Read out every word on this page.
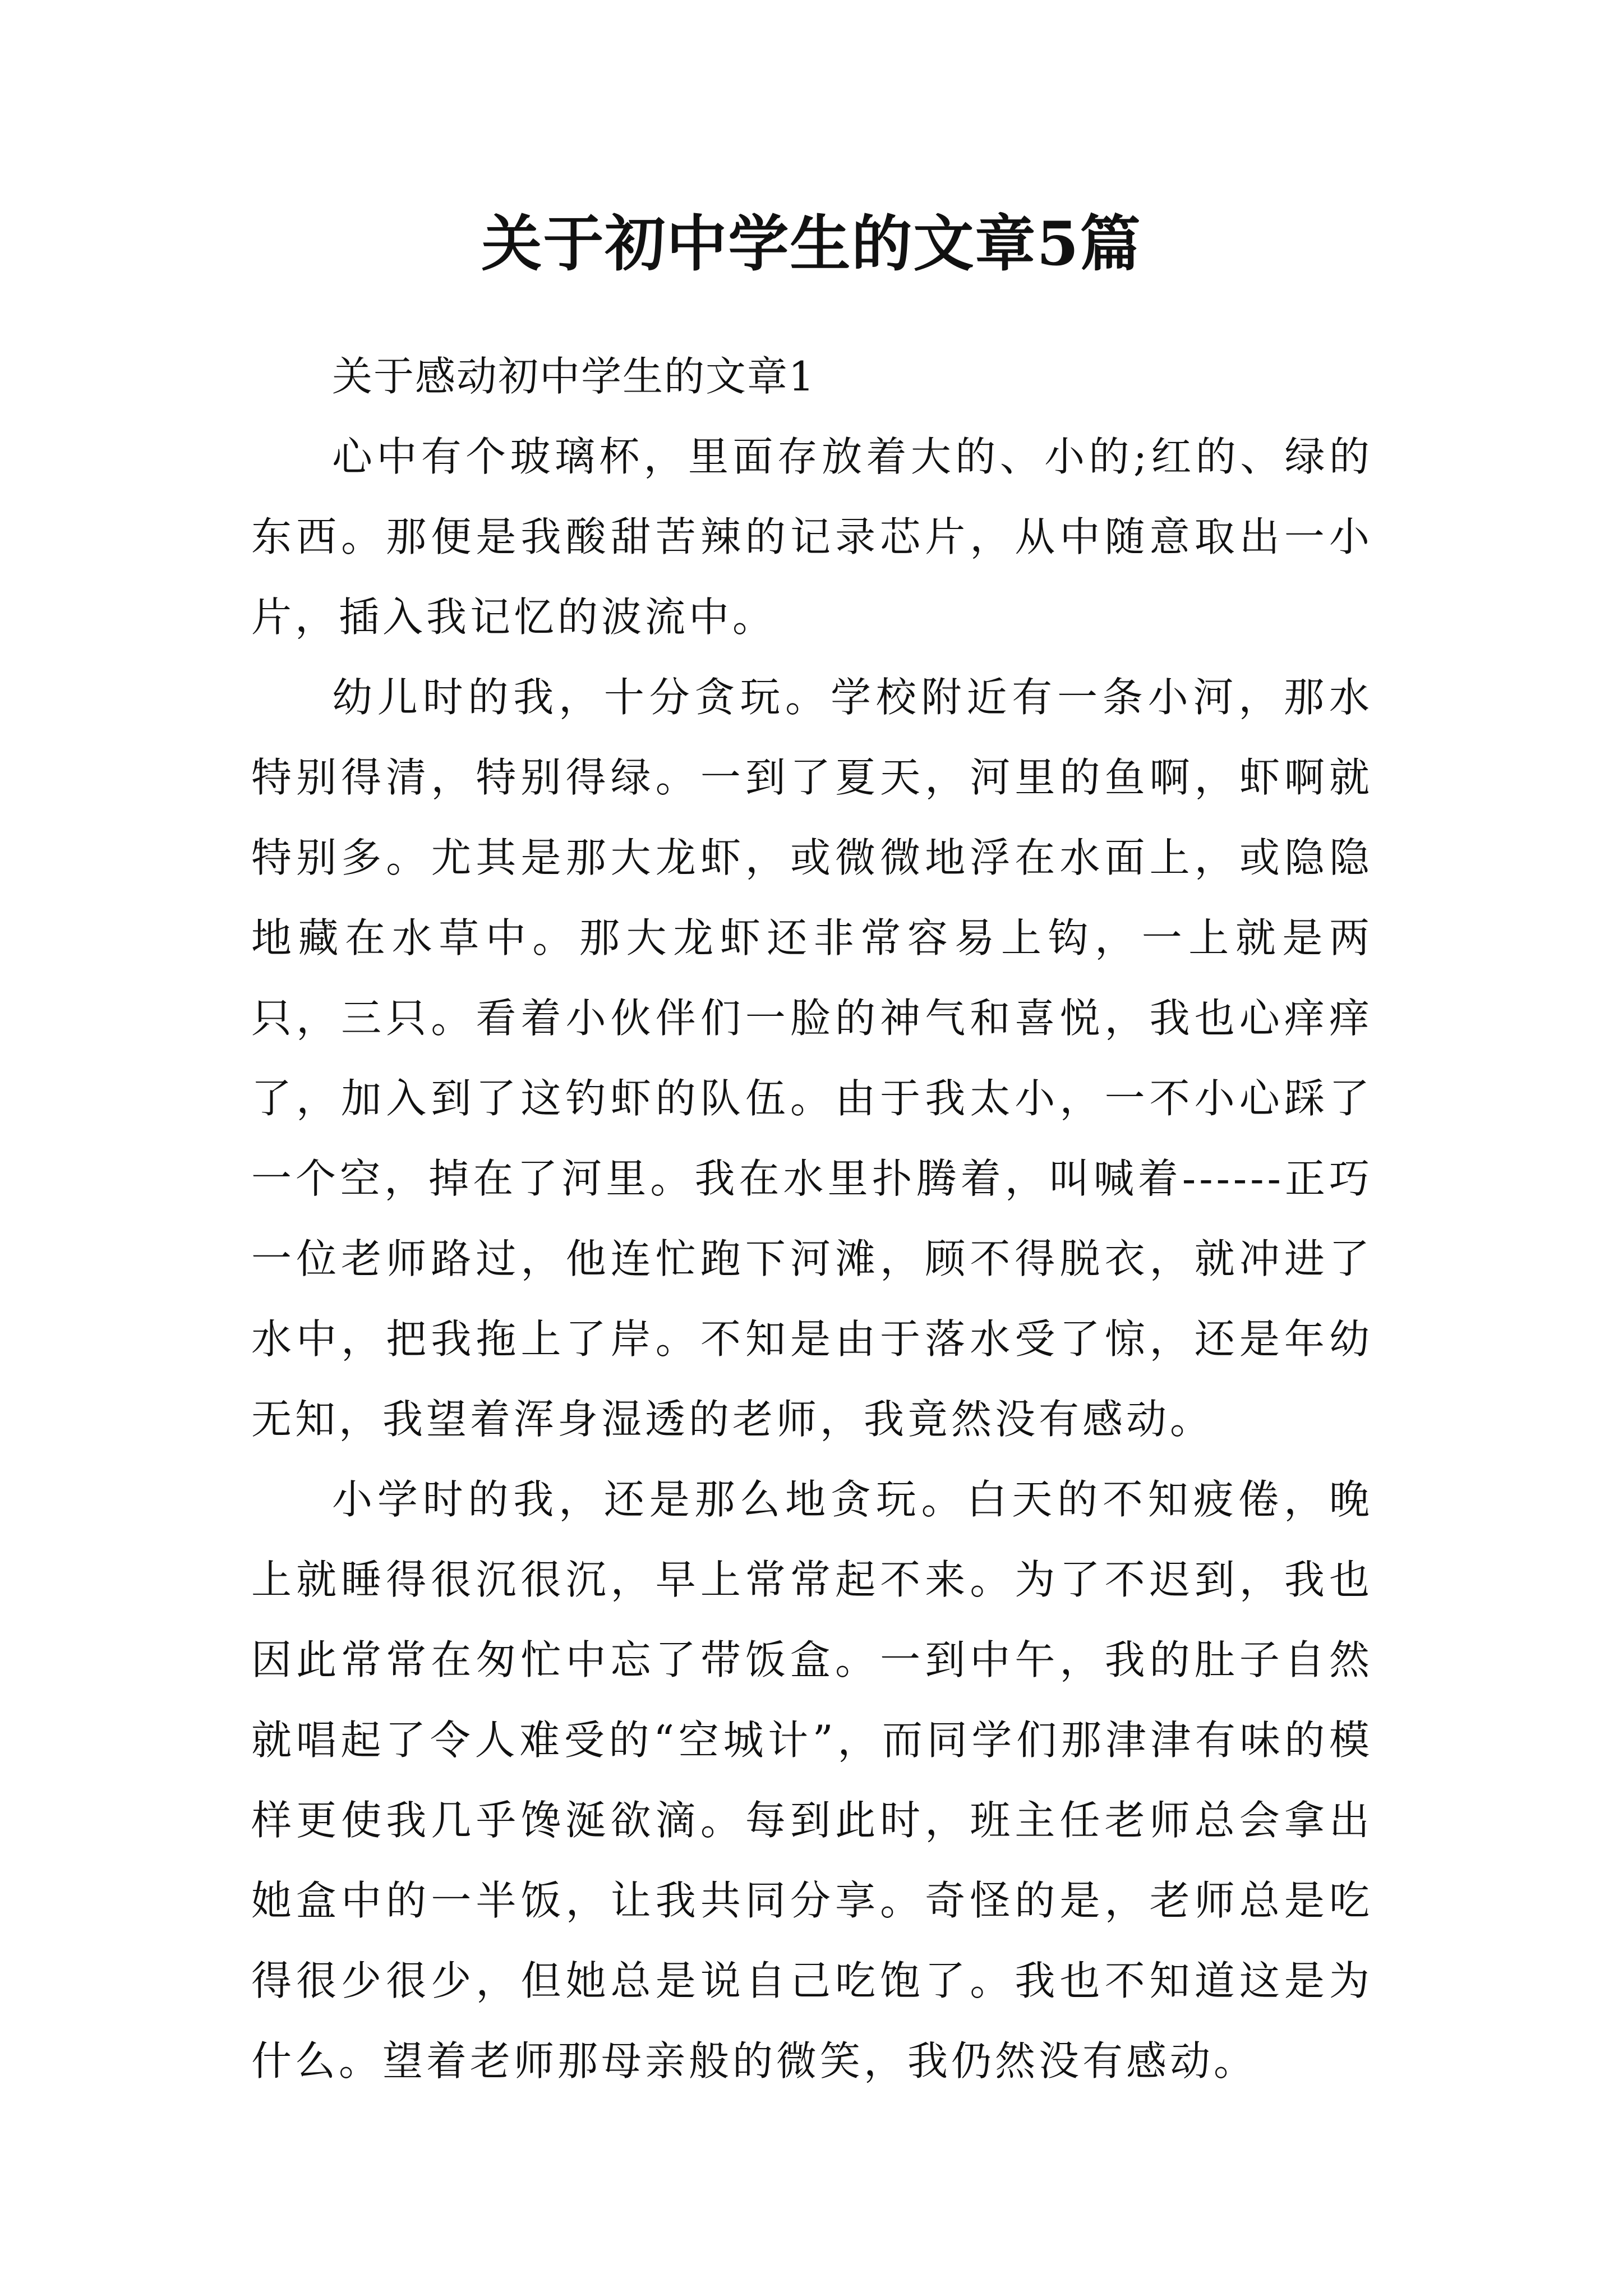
关于初中学生的文章5篇

关于感动初中学生的文章1

心中有个玻璃杯，里面存放着大的、小的;红的、绿的东西。那便是我酸甜苦辣的记录芯片，从中随意取出一小片，插入我记忆的波流中。

幼儿时的我，十分贪玩。学校附近有一条小河，那水特别得清，特别得绿。一到了夏天，河里的鱼啊，虾啊就特别多。尤其是那大龙虾，或微微地浮在水面上，或隐隐地藏在水草中。那大龙虾还非常容易上钩，一上就是两只，三只。看着小伙伴们一脸的神气和喜悦，我也心痒痒了，加入到了这钓虾的队伍。由于我太小，一不小心踩了一个空，掉在了河里。我在水里扑腾着，叫喊着------正巧一位老师路过，他连忙跑下河滩，顾不得脱衣，就冲进了水中，把我拖上了岸。不知是由于落水受了惊，还是年幼无知，我望着浑身湿透的老师，我竟然没有感动。

小学时的我，还是那么地贪玩。白天的不知疲倦，晚上就睡得很沉很沉，早上常常起不来。为了不迟到，我也因此常常在匆忙中忘了带饭盒。一到中午，我的肚子自然就唱起了令人难受的“空城计”，而同学们那津津有味的模样更使我几乎馋涎欲滴。每到此时，班主任老师总会拿出她盒中的一半饭，让我共同分享。奇怪的是，老师总是吃得很少很少，但她总是说自己吃饱了。我也不知道这是为什么。望着老师那母亲般的微笑，我仍然没有感动。
